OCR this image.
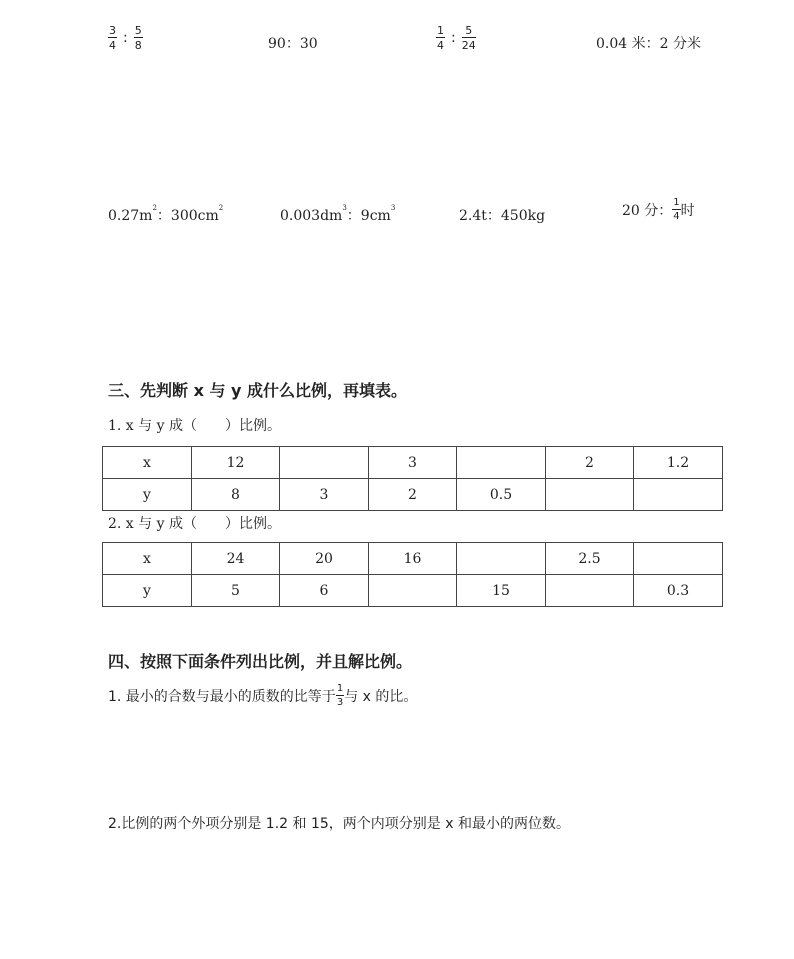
$\frac{3}{4}$ : $\frac{5}{8}$	90：30	$\frac{1}{4}$ : $\frac{5}{24}$	0.04 米：2 分米
$0.27m^2$：$300cm^2$	$0.003dm^3$：$9cm^3$	2.4t：450kg	20 分： $\frac{1}{4}$ 时
三、先判断 x 与 y 成什么比例，再填表。
1. x 与 y 成（　　）比例。
x	12		3		2	1.2
y	8	3	2	0.5		
2. x 与 y 成（　　）比例。
x	24	20	16		2.5	
y	5	6		15		0.3
四、按照下面条件列出比例，并且解比例。
1. 最小的合数与最小的质数的比等于 $\frac{1}{3}$ 与 x 的比。
2.比例的两个外项分别是 1.2 和 15，两个内项分别是 x 和最小的两位数。
